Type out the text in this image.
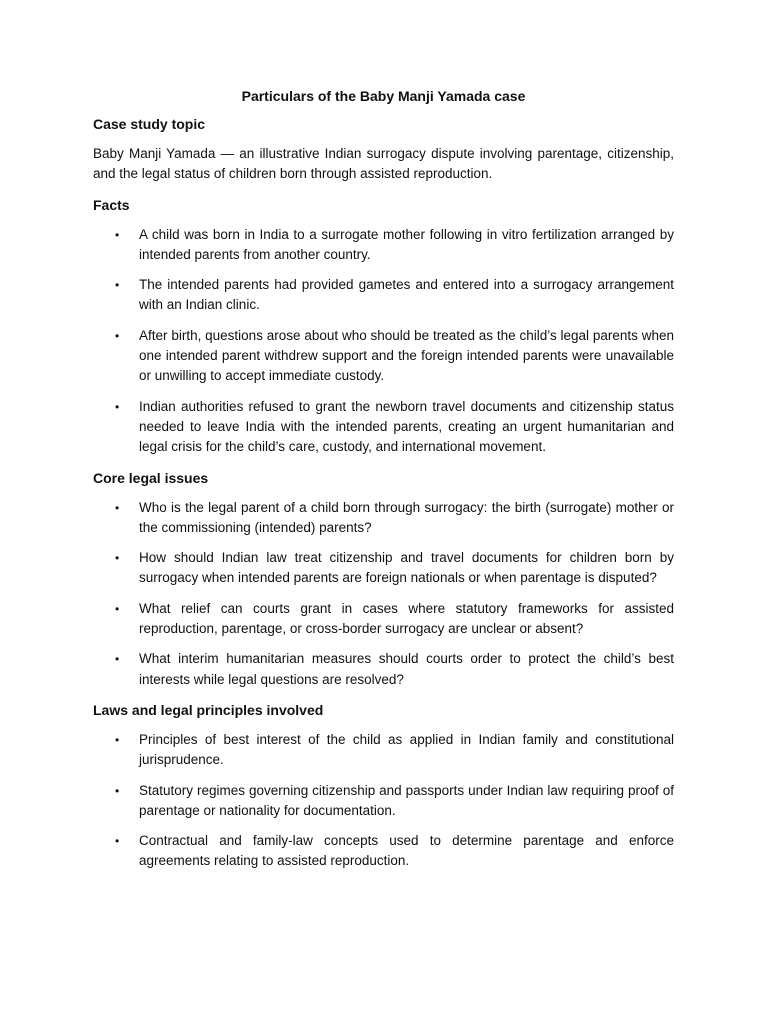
Particulars of the Baby Manji Yamada case
Case study topic
Baby Manji Yamada — an illustrative Indian surrogacy dispute involving parentage, citizenship, and the legal status of children born through assisted reproduction.
Facts
• A child was born in India to a surrogate mother following in vitro fertilization arranged by intended parents from another country.
• The intended parents had provided gametes and entered into a surrogacy arrangement with an Indian clinic.
• After birth, questions arose about who should be treated as the child’s legal parents when one intended parent withdrew support and the foreign intended parents were unavailable or unwilling to accept immediate custody.
• Indian authorities refused to grant the newborn travel documents and citizenship status needed to leave India with the intended parents, creating an urgent humanitarian and legal crisis for the child’s care, custody, and international movement.
Core legal issues
• Who is the legal parent of a child born through surrogacy: the birth (surrogate) mother or the commissioning (intended) parents?
• How should Indian law treat citizenship and travel documents for children born by surrogacy when intended parents are foreign nationals or when parentage is disputed?
• What relief can courts grant in cases where statutory frameworks for assisted reproduction, parentage, or cross-border surrogacy are unclear or absent?
• What interim humanitarian measures should courts order to protect the child’s best interests while legal questions are resolved?
Laws and legal principles involved
• Principles of best interest of the child as applied in Indian family and constitutional jurisprudence.
• Statutory regimes governing citizenship and passports under Indian law requiring proof of parentage or nationality for documentation.
• Contractual and family-law concepts used to determine parentage and enforce agreements relating to assisted reproduction.
